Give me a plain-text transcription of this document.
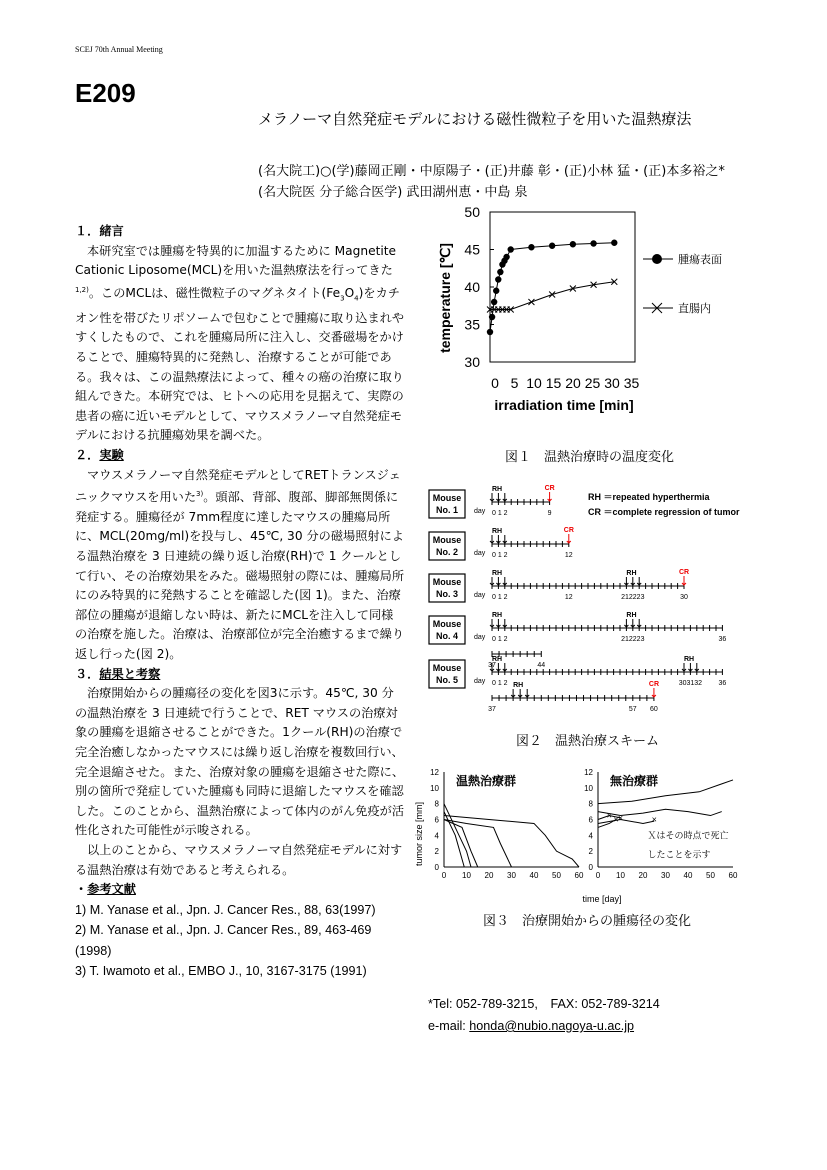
SCEJ 70th Annual Meeting
E209
メラノーマ自然発症モデルにおける磁性微粒子を用いた温熱療法
(名大院工)○(学)藤岡正剛・中原陽子・(正)井藤 彰・(正)小林 猛・(正)本多裕之*
(名大院医 分子総合医学) 武田湖州恵・中島 泉

１．緒言

本研究室では腫瘍を特異的に加温するために Magnetite Cationic Liposome(MCL)を用いた温熱療法を行ってきた$^{1,2)}$。このMCLは、磁性微粒子のマグネタイト$(Fe_3O_4)$をカチオン性を帯びたリポソームで包むことで腫瘍に取り込まれやすくしたもので、これを腫瘍局所に注入し、交番磁場をかけることで、腫瘍特異的に発熱し、治療することが可能である。我々は、この温熱療法によって、種々の癌の治療に取り組んできた。本研究では、ヒトへの応用を見据えて、実際の患者の癌に近いモデルとして、マウスメラノーマ自然発症モデルにおける抗腫瘍効果を調べた。

２．実験

マウスメラノーマ自然発症モデルとしてRETトランスジェニックマウスを用いた$^{3)}$。頭部、背部、腹部、脚部無関係に発症する。腫瘍径が 7mm程度に達したマウスの腫瘍局所に、MCL(20mg/ml)を投与し、45℃, 30 分の磁場照射による温熱治療を 3 日連続の繰り返し治療(RH)で 1 クールとして行い、その治療効果をみた。磁場照射の際には、腫瘍局所にのみ特異的に発熱することを確認した(図 1)。また、治療部位の腫瘍が退縮しない時は、新たにMCLを注入して同様の治療を施した。治療は、治療部位が完全治癒するまで繰り返し行った(図 2)。

３．結果と考察

治療開始からの腫瘍径の変化を図3に示す。45℃, 30 分の温熱治療を 3 日連続で行うことで、RET マウスの治療対象の腫瘍を退縮させることができた。1クール(RH)の治療で完全治癒しなかったマウスには繰り返し治療を複数回行い、完全退縮させた。また、治療対象の腫瘍を退縮させた際に、別の箇所で発症していた腫瘍も同時に退縮したマウスを確認した。このことから、温熱治療によって体内のがん免疫が活性化された可能性が示唆される。

以上のことから、マウスメラノーマ自然発症モデルに対する温熱治療は有効であると考えられる。

・参考文献

1) M. Yanase et al., Jpn. J. Cancer Res., 88, 63(1997)
2) M. Yanase et al., Jpn. J. Cancer Res., 89, 463-469
(1998)
3) T. Iwamoto et al., EMBO J., 10, 3167-3175 (1991)
30
35
40
45
50
0 5 10 15 20 25 30 35
temperature [℃]
irradiation time [min]
腫瘍表面
直腸内
図１　温熱治療時の温度変化
Mouse
No. 1 day 0 1 2
RH	CR
9
Mouse
No. 2 day 0 1 2
RH	CR
12
Mouse
No. 3 day 0 1 2
RH	RH	CR
12	212223	30
Mouse
No. 4 day 0 1 2
RH	RH
212223	36
37	44
Mouse
No. 5 day 0 1 2
RH	RH
303132 36
37	57 60
RH	CR
RH ＝repeated hyperthermia
CR ＝complete regression of tumor
図２　温熱治療スキーム
0
2
4
6
8
10
12
0 10 20 30 40 50 60
温熱治療群
0
2
4
6
8
10
12
0 10 20 30 40 50 60
無治療群
× × ×	×
Ｘはその時点で死亡
したことを示す
tumor size [mm]
time [day]
図３　治療開始からの腫瘍径の変化
*Tel: 052-789-3215,　FAX: 052-789-3214
e-mail: honda@nubio.nagoya-u.ac.jp
